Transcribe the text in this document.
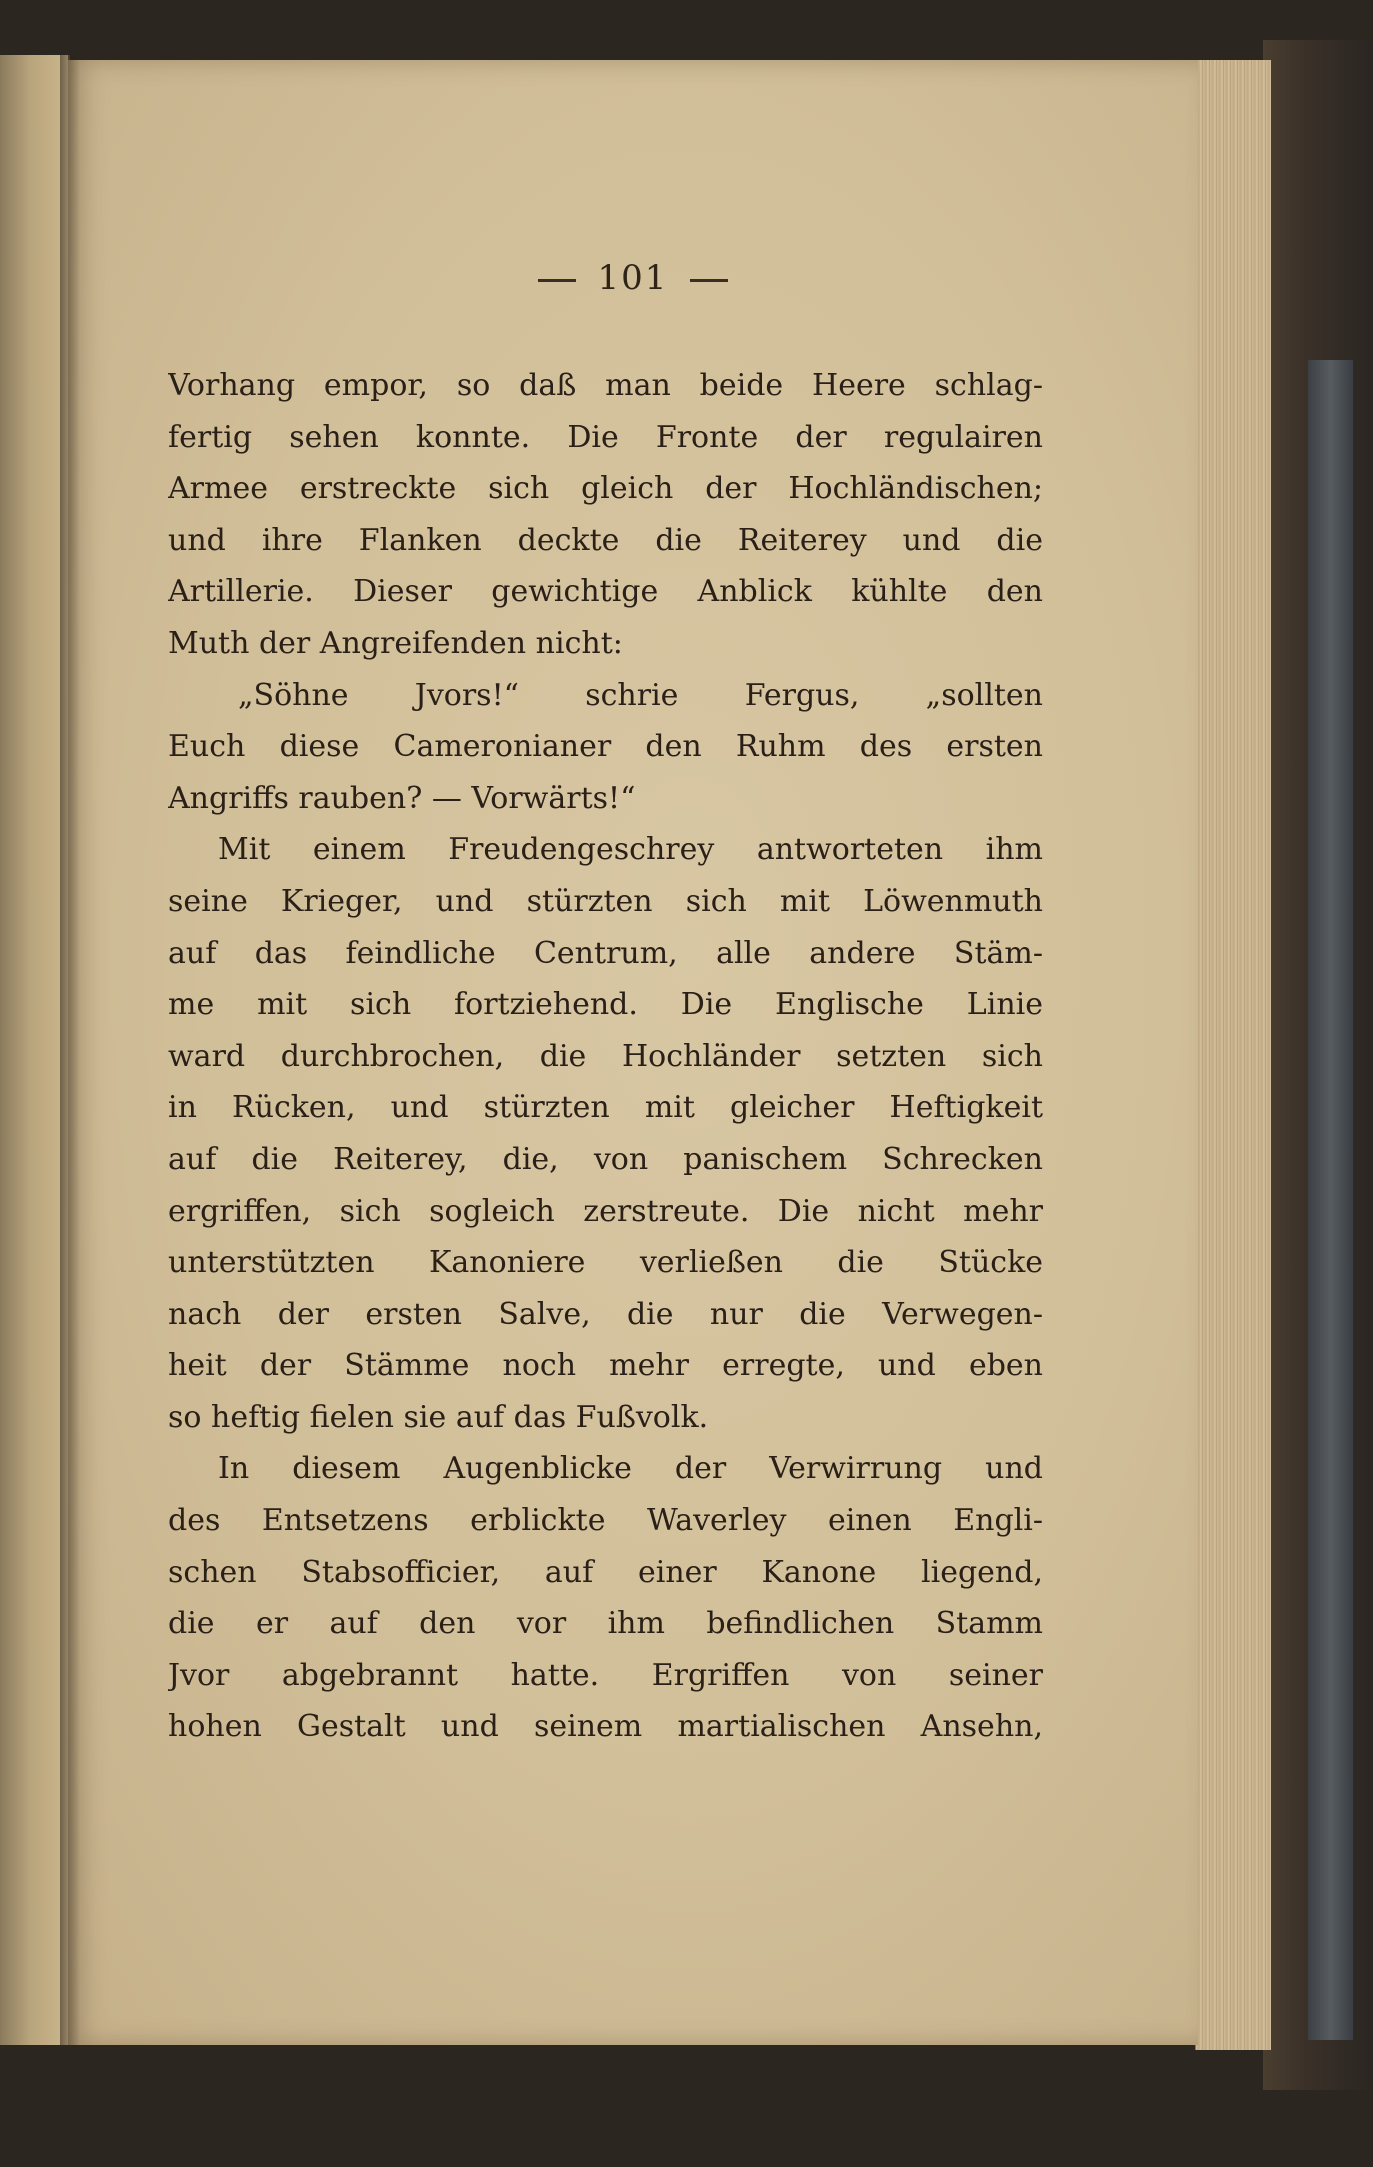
101
Vorhang empor, so daß man beide Heere schlag-
fertig sehen konnte. Die Fronte der regulairen
Armee erstreckte sich gleich der Hochländischen;
und ihre Flanken deckte die Reiterey und die
Artillerie. Dieser gewichtige Anblick kühlte den
Muth der Angreifenden nicht:
„Söhne Jvors!“ schrie Fergus, „sollten
Euch diese Cameronianer den Ruhm des ersten
Angriffs rauben? — Vorwärts!“
Mit einem Freudengeschrey antworteten ihm
seine Krieger, und stürzten sich mit Löwenmuth
auf das feindliche Centrum, alle andere Stäm-
me mit sich fortziehend. Die Englische Linie
ward durchbrochen, die Hochländer setzten sich
in Rücken, und stürzten mit gleicher Heftigkeit
auf die Reiterey, die, von panischem Schrecken
ergriffen, sich sogleich zerstreute. Die nicht mehr
unterstützten Kanoniere verließen die Stücke
nach der ersten Salve, die nur die Verwegen-
heit der Stämme noch mehr erregte, und eben
so heftig fielen sie auf das Fußvolk.
In diesem Augenblicke der Verwirrung und
des Entsetzens erblickte Waverley einen Engli-
schen Stabsofficier, auf einer Kanone liegend,
die er auf den vor ihm befindlichen Stamm
Jvor abgebrannt hatte. Ergriffen von seiner
hohen Gestalt und seinem martialischen Ansehn,
